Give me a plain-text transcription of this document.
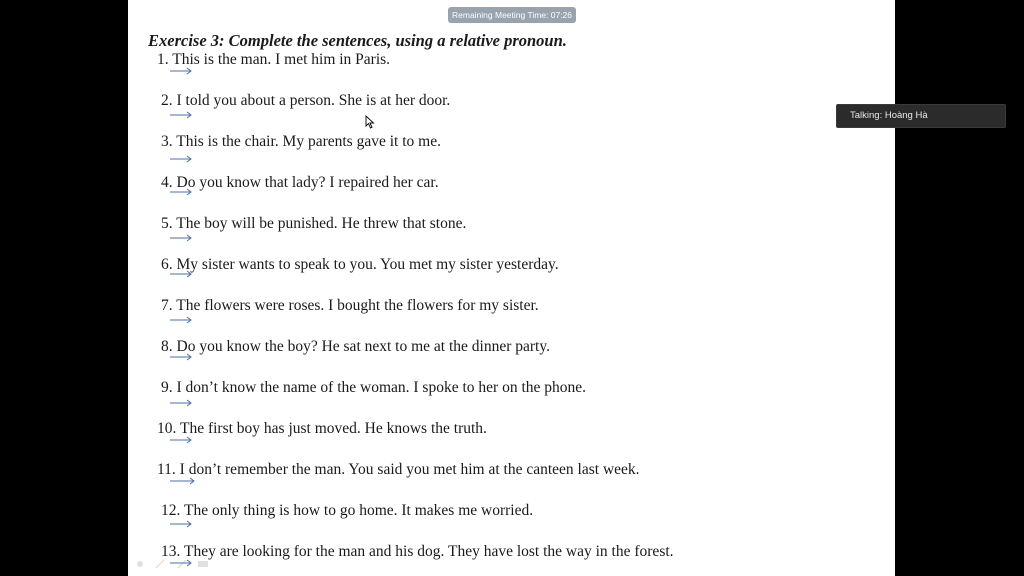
Exercise 3: Complete the sentences, using a relative pronoun.
1. This is the man. I met him in Paris.
2. I told you about a person. She is at her door.
3. This is the chair. My parents gave it to me.
4. Do you know that lady? I repaired her car.
5. The boy will be punished. He threw that stone.
6. My sister wants to speak to you. You met my sister yesterday.
7. The flowers were roses. I bought the flowers for my sister.
8. Do you know the boy? He sat next to me at the dinner party.
9. I don’t know the name of the woman. I spoke to her on the phone.
10. The first boy has just moved. He knows the truth.
11. I don’t remember the man. You said you met him at the canteen last week.
12. The only thing is how to go home. It makes me worried.
13. They are looking for the man and his dog. They have lost the way in the forest.
Remaining Meeting Time: 07:26
Talking: Hoàng Hà
